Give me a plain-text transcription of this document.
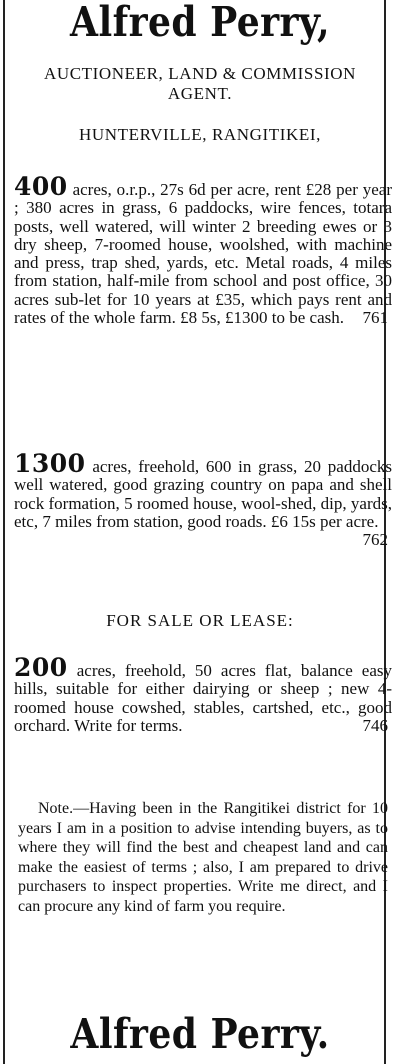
Alfred Perry,
AUCTIONEER, LAND & COMMISSION AGENT.
HUNTERVILLE, RANGITIKEI,
400 acres, o.r.p., 27s 6d per acre, rent £28 per year ; 380 acres in grass, 6 paddocks, wire fences, totara posts, well watered, will winter 2 breeding ewes or 3 dry sheep, 7-roomed house, woolshed, with machine and press, trap shed, yards, etc. Metal roads, 4 miles from station, half-mile from school and post office, 30 acres sub-let for 10 years at £35, which pays rent and rates of the whole farm. £8 5s, £1300 to be cash. 761
1300 acres, freehold, 600 in grass, 20 paddocks well watered, good grazing country on papa and shell rock formation, 5 roomed house, wool-shed, dip, yards, etc, 7 miles from station, good roads. £6 15s per acre.
762
FOR SALE OR LEASE:
200 acres, freehold, 50 acres flat, balance easy hills, suitable for either dairying or sheep ; new 4-roomed house cowshed, stables, cartshed, etc., good orchard. Write for terms.	746
Note.—Having been in the Rangitikei district for 10 years I am in a position to advise intending buyers, as to where they will find the best and cheapest land and can make the easiest of terms ; also, I am prepared to drive purchasers to inspect properties. Write me direct, and I can procure any kind of farm you require.
Alfred Perry.
